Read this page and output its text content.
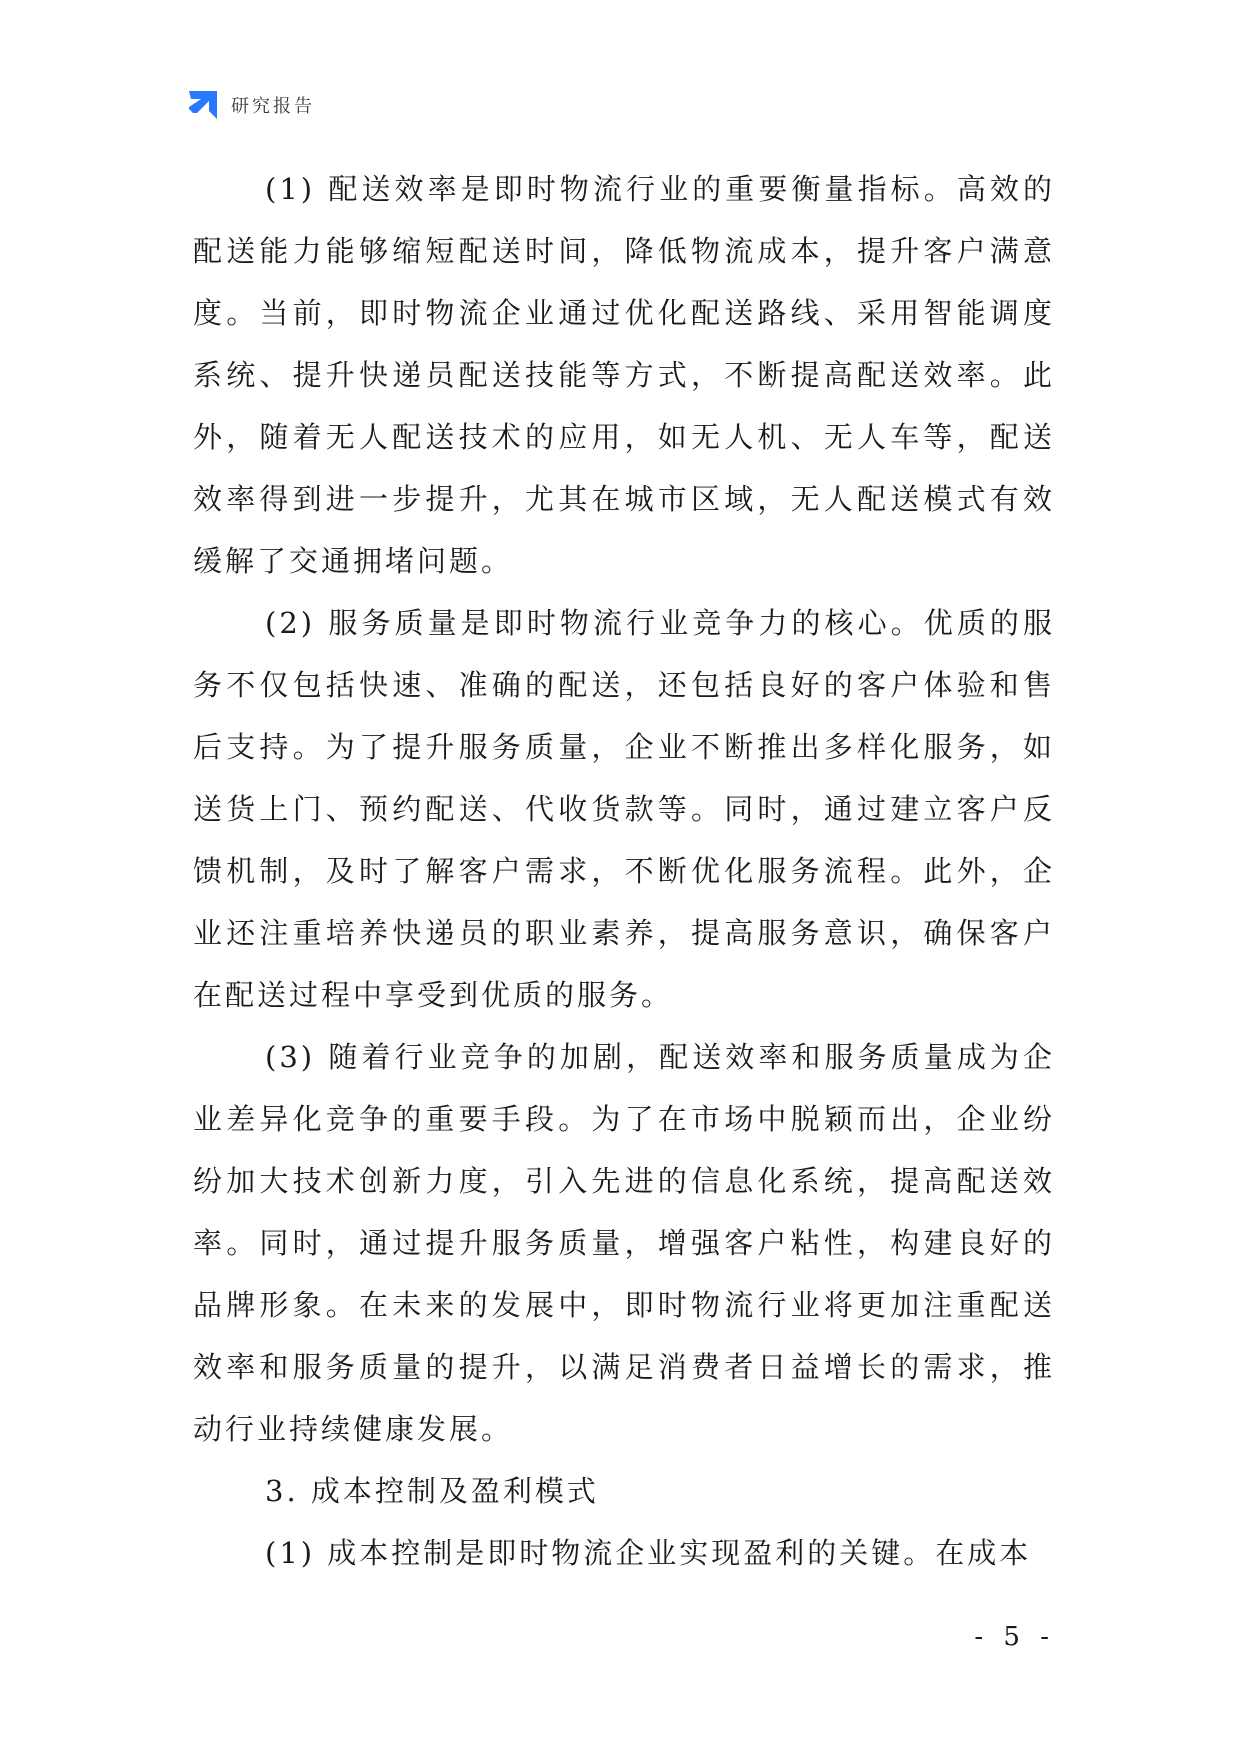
研究报告

(1) 配送效率是即时物流行业的重要衡量指标。高效的配送能力能够缩短配送时间，降低物流成本，提升客户满意度。当前，即时物流企业通过优化配送路线、采用智能调度系统、提升快递员配送技能等方式，不断提高配送效率。此外，随着无人配送技术的应用，如无人机、无人车等，配送效率得到进一步提升，尤其在城市区域，无人配送模式有效缓解了交通拥堵问题。

(2) 服务质量是即时物流行业竞争力的核心。优质的服务不仅包括快速、准确的配送，还包括良好的客户体验和售后支持。为了提升服务质量，企业不断推出多样化服务，如送货上门、预约配送、代收货款等。同时，通过建立客户反馈机制，及时了解客户需求，不断优化服务流程。此外，企业还注重培养快递员的职业素养，提高服务意识，确保客户在配送过程中享受到优质的服务。

(3) 随着行业竞争的加剧，配送效率和服务质量成为企业差异化竞争的重要手段。为了在市场中脱颖而出，企业纷纷加大技术创新力度，引入先进的信息化系统，提高配送效率。同时，通过提升服务质量，增强客户粘性，构建良好的品牌形象。在未来的发展中，即时物流行业将更加注重配送效率和服务质量的提升，以满足消费者日益增长的需求，推动行业持续健康发展。

3. 成本控制及盈利模式

(1) 成本控制是即时物流企业实现盈利的关键。在成本

- 5 -
